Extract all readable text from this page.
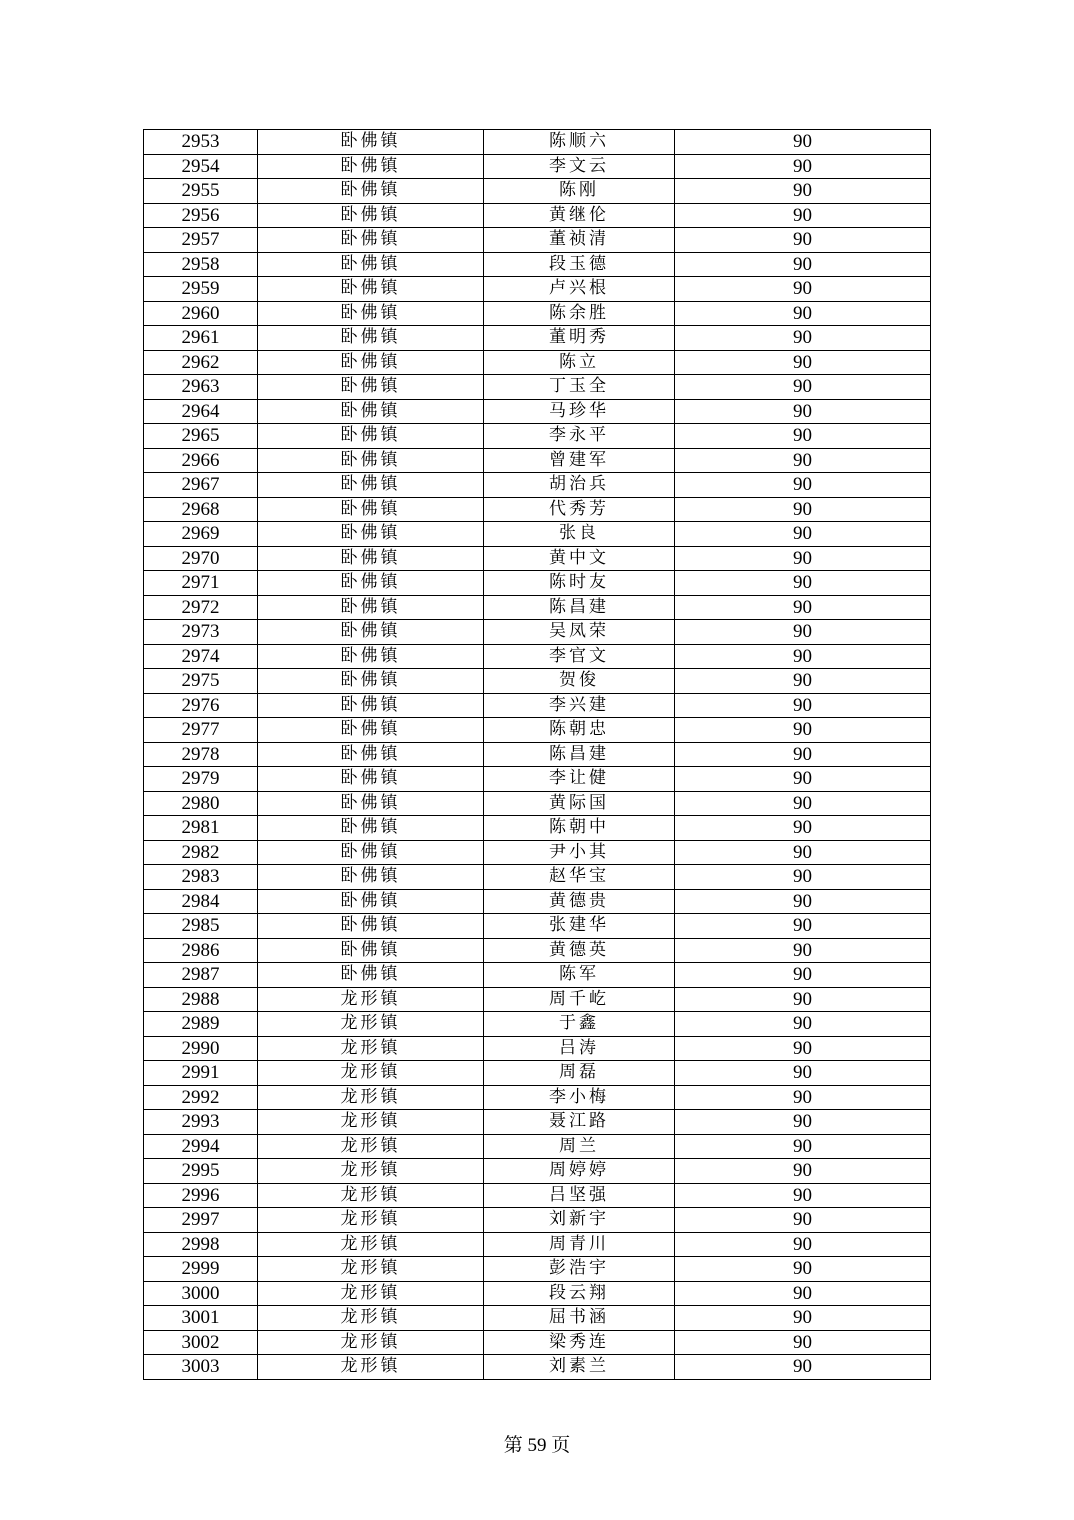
2953	卧佛镇	陈顺六	90
2954	卧佛镇	李文云	90
2955	卧佛镇	陈刚	90
2956	卧佛镇	黄继伦	90
2957	卧佛镇	董祯清	90
2958	卧佛镇	段玉德	90
2959	卧佛镇	卢兴根	90
2960	卧佛镇	陈余胜	90
2961	卧佛镇	董明秀	90
2962	卧佛镇	陈立	90
2963	卧佛镇	丁玉全	90
2964	卧佛镇	马珍华	90
2965	卧佛镇	李永平	90
2966	卧佛镇	曾建军	90
2967	卧佛镇	胡治兵	90
2968	卧佛镇	代秀芳	90
2969	卧佛镇	张良	90
2970	卧佛镇	黄中文	90
2971	卧佛镇	陈时友	90
2972	卧佛镇	陈昌建	90
2973	卧佛镇	吴凤荣	90
2974	卧佛镇	李官文	90
2975	卧佛镇	贺俊	90
2976	卧佛镇	李兴建	90
2977	卧佛镇	陈朝忠	90
2978	卧佛镇	陈昌建	90
2979	卧佛镇	李让健	90
2980	卧佛镇	黄际国	90
2981	卧佛镇	陈朝中	90
2982	卧佛镇	尹小其	90
2983	卧佛镇	赵华宝	90
2984	卧佛镇	黄德贵	90
2985	卧佛镇	张建华	90
2986	卧佛镇	黄德英	90
2987	卧佛镇	陈军	90
2988	龙形镇	周千屹	90
2989	龙形镇	于鑫	90
2990	龙形镇	吕涛	90
2991	龙形镇	周磊	90
2992	龙形镇	李小梅	90
2993	龙形镇	聂江路	90
2994	龙形镇	周兰	90
2995	龙形镇	周婷婷	90
2996	龙形镇	吕坚强	90
2997	龙形镇	刘新宇	90
2998	龙形镇	周青川	90
2999	龙形镇	彭浩宇	90
3000	龙形镇	段云翔	90
3001	龙形镇	屈书涵	90
3002	龙形镇	梁秀连	90
3003	龙形镇	刘素兰	90
第 59 页
